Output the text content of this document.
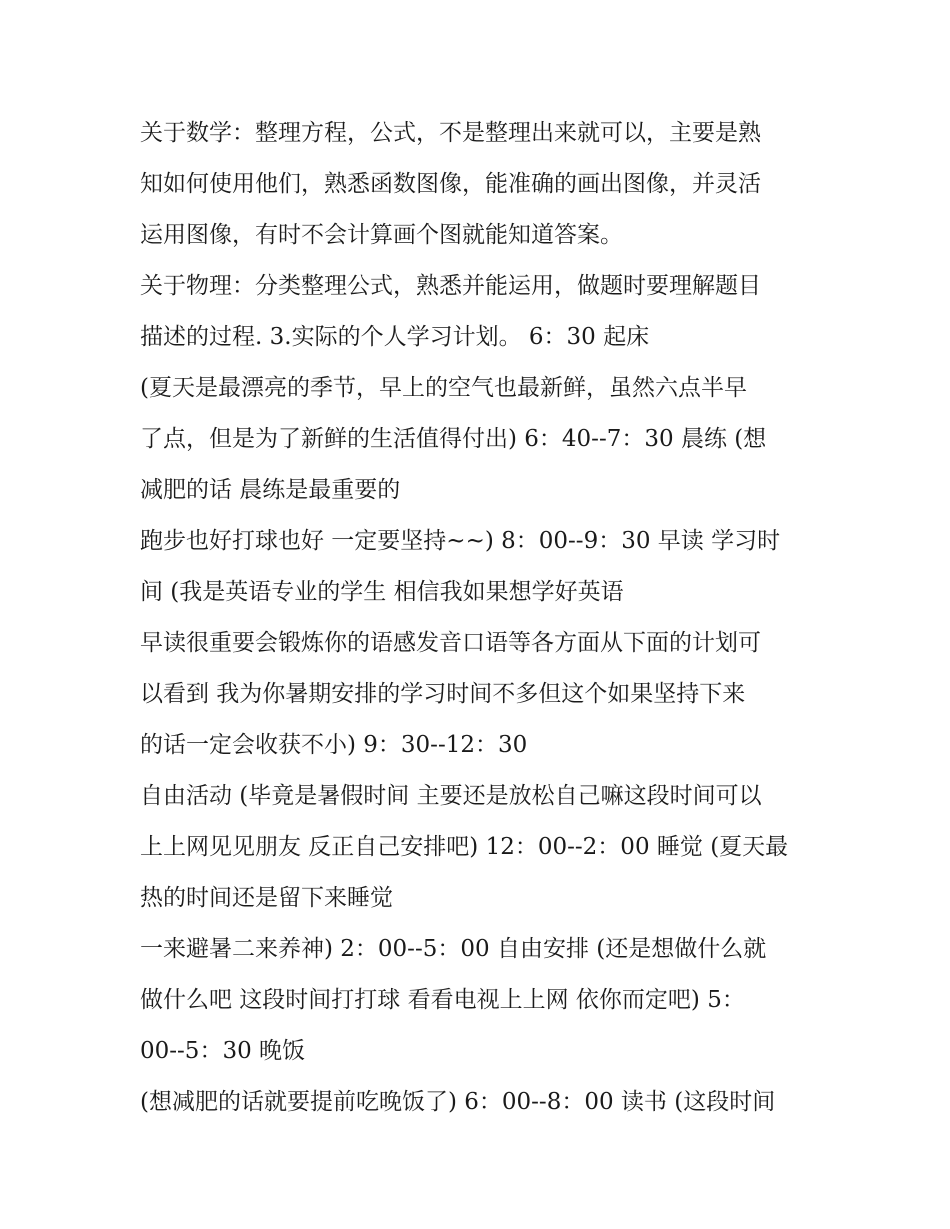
关于数学：整理方程，公式，不是整理出来就可以，主要是熟
知如何使用他们，熟悉函数图像，能准确的画出图像，并灵活
运用图像，有时不会计算画个图就能知道答案。
关于物理：分类整理公式，熟悉并能运用，做题时要理解题目
描述的过程. 3.实际的个人学习计划。 6：30 起床
(夏天是最漂亮的季节，早上的空气也最新鲜，虽然六点半早
了点，但是为了新鲜的生活值得付出) 6：40--7：30 晨练 (想
减肥的话 晨练是最重要的
跑步也好打球也好 一定要坚持~~) 8：00--9：30 早读 学习时
间 (我是英语专业的学生 相信我如果想学好英语
早读很重要会锻炼你的语感发音口语等各方面从下面的计划可
以看到 我为你暑期安排的学习时间不多但这个如果坚持下来
的话一定会收获不小) 9：30--12：30
自由活动 (毕竟是暑假时间 主要还是放松自己嘛这段时间可以
上上网见见朋友 反正自己安排吧) 12：00--2：00 睡觉 (夏天最
热的时间还是留下来睡觉
一来避暑二来养神) 2：00--5：00 自由安排 (还是想做什么就
做什么吧 这段时间打打球 看看电视上上网 依你而定吧) 5：
00--5：30 晚饭
(想减肥的话就要提前吃晚饭了) 6：00--8：00 读书 (这段时间
